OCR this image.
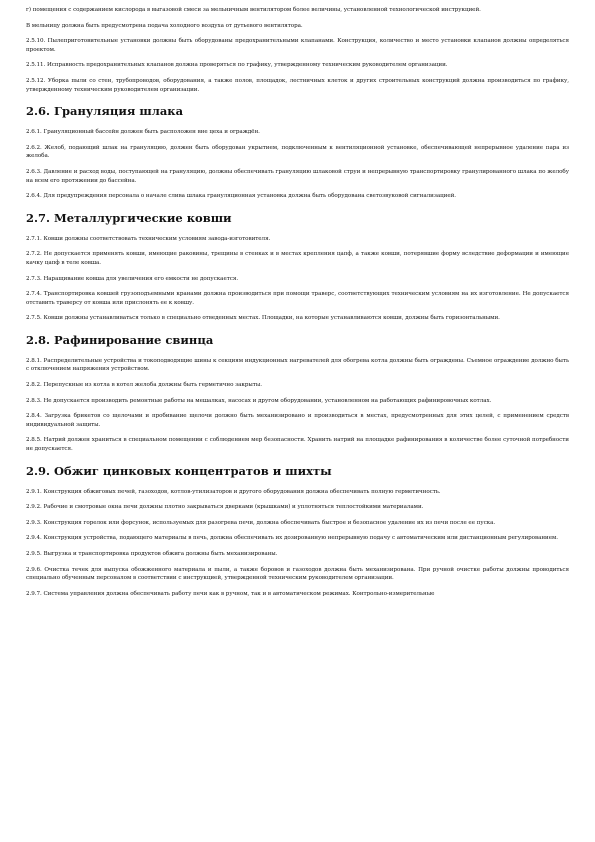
г) помещения с содержанием кислорода в выгазовой смеси за мельничным вентилятором более величины, установленной технологической инструкцией.

В мельницу должна быть предусмотрена подача холодного воздуха от дутьевого вентилятора.

2.5.10. Пылеприготовительные установки должны быть оборудованы предохранительными клапанами. Конструкция, количество и место установки клапанов должны определяться проектом.

2.5.11. Исправность предохранительных клапанов должна проверяться по графику, утвержденному техническим руководителем организации.

2.5.12. Уборка пыли со стен, трубопроводов, оборудования, а также полов, площадок, лестничных клеток и других строительных конструкций должна производиться по графику, утвержденному техническим руководителем организации.

2.6. Грануляция шлака

2.6.1. Грануляционный бассейн должен быть расположен вне цеха и ограждён.

2.6.2. Желоб, подающий шлак на грануляцию, должен быть оборудован укрытием, подключенным к вентиляционной установке, обеспечивающей непрерывное удаление пара из желоба.

2.6.3. Давление и расход воды, поступающей на грануляцию, должны обеспечивать грануляцию шлаковой струи и непрерывную транспортировку гранулированного шлака по желобу на всем его протяжении до бассейна.

2.6.4. Для предупреждения персонала о начале слива шлака грануляционная установка должна быть оборудована светозвуковой сигнализацией.

2.7. Металлургические ковши

2.7.1. Ковши должны соответствовать техническим условиям завода-изготовителя.

2.7.2. Не допускается применять ковши, имеющие раковины, трещины в стенках и в местах крепления цапф, а также ковши, потерявшие форму вследствие деформации и имеющие качку цапф в теле ковша.

2.7.3. Наращивание ковша для увеличения его емкости не допускается.

2.7.4. Транспортировка ковшей грузоподъемными кранами должна производиться при помощи траверс, соответствующих техническим условиям на их изготовление. Не допускается отставить траверсу от ковша или прислонять ее к ковшу.

2.7.5. Ковши должны устанавливаться только в специально отведенных местах. Площадки, на которые устанавливаются ковши, должны быть горизонтальными.

2.8. Рафинирование свинца

2.8.1. Распределительные устройства и токоподводящие шины к секциям индукционных нагревателей для обогрева котла должны быть ограждены. Съемное ограждение должно быть с отключением напряжения устройством.

2.8.2. Перепускные из котла в котел желоба должны быть герметично закрыты.

2.8.3. Не допускается производить ремонтные работы на мешалках, насосах и другом оборудовании, установленном на работающих рафинировочных котлах.

2.8.4. Загрузка брикетов со щелочами и пробивание щелочи должно быть механизировано и производиться в местах, предусмотренных для этих целей, с применением средств индивидуальной защиты.

2.8.5. Натрий должен храниться в специальном помещении с соблюдением мер безопасности. Хранить натрий на площадке рафинирования в количестве более суточной потребности не допускается.

2.9. Обжиг цинковых концентратов и шихты

2.9.1. Конструкция обжиговых печей, газоходов, котлов-утилизаторов и другого оборудования должна обеспечивать полную герметичность.

2.9.2. Рабочие и смотровые окна печи должны плотно закрываться дверками (крышками) и уплотняться теплостойкими материалами.

2.9.3. Конструкция горелок или форсунок, используемых для разогрева печи, должна обеспечивать быстрое и безопасное удаление их из печи после ее пуска.

2.9.4. Конструкция устройства, подающего материалы в печь, должна обеспечивать их дозированную непрерывную подачу с автоматическим или дистанционным регулированием.

2.9.5. Выгрузка и транспортировка продуктов обжига должны быть механизированы.

2.9.6. Очистка течек для выпуска обожженного материала и пыли, а также боровов и газоходов должна быть механизирована. При ручной очистке работы должны проводиться специально обученным персоналом в соответствии с инструкцией, утвержденной техническим руководителем организации.

2.9.7. Система управления должна обеспечивать работу печи как в ручном, так и в автоматическом режимах. Контрольно-измерительные
